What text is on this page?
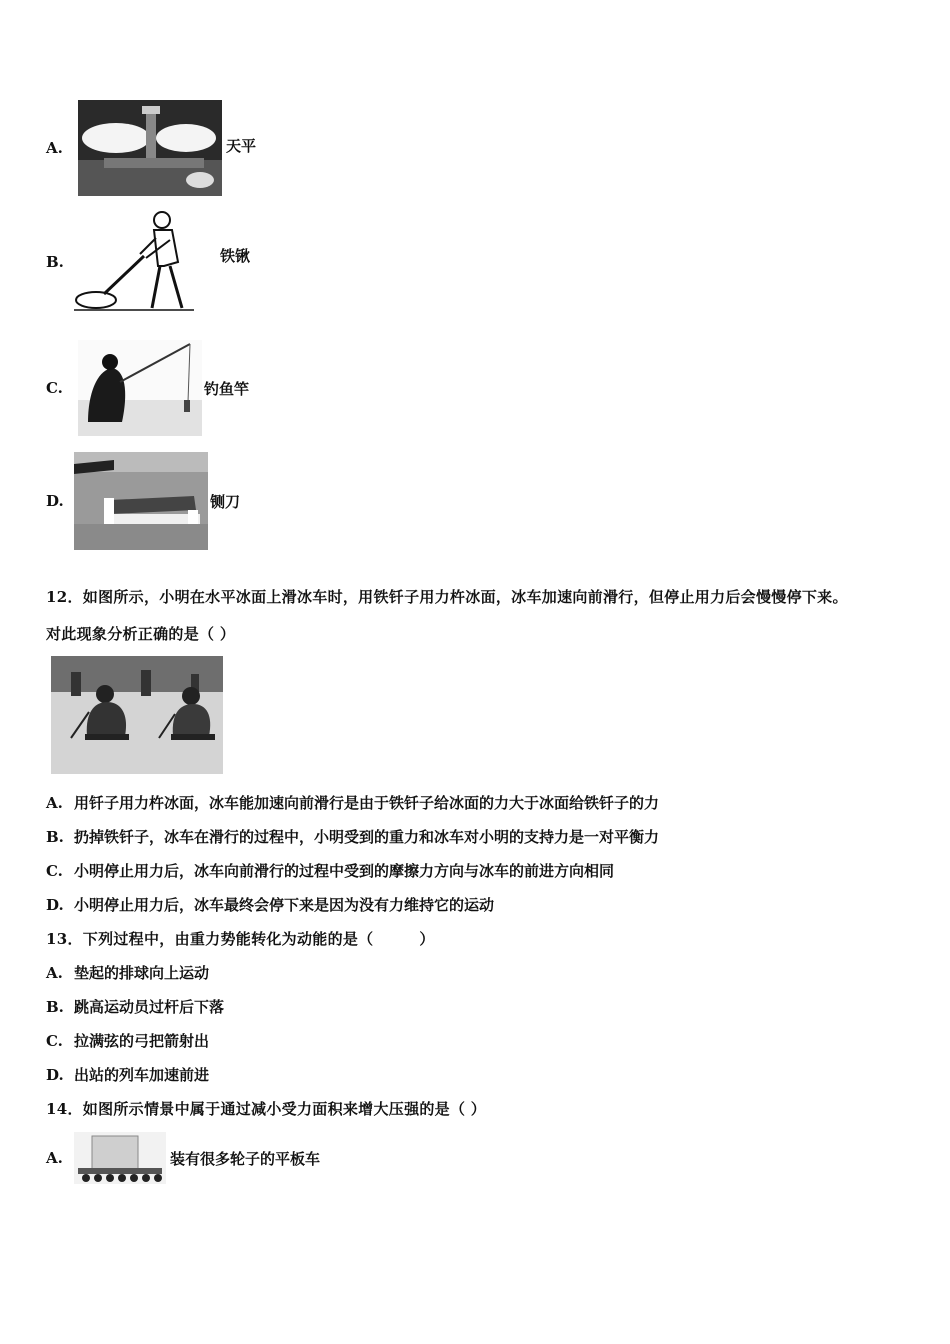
A.	天平
B.	铁锹
C.	钓鱼竿
D.	铡刀
12．如图所示，小明在水平冰面上滑冰车时，用铁钎子用力杵冰面，冰车加速向前滑行，但停止用力后会慢慢停下来。
对此现象分析正确的是（ ）
A. 用钎子用力杵冰面，冰车能加速向前滑行是由于铁钎子给冰面的力大于冰面给铁钎子的力
B. 扔掉铁钎子，冰车在滑行的过程中，小明受到的重力和冰车对小明的支持力是一对平衡力
C. 小明停止用力后，冰车向前滑行的过程中受到的摩擦力方向与冰车的前进方向相同
D. 小明停止用力后，冰车最终会停下来是因为没有力维持它的运动
13．下列过程中，由重力势能转化为动能的是（　　　）
A. 垫起的排球向上运动
B. 跳高运动员过杆后下落
C. 拉满弦的弓把箭射出
D. 出站的列车加速前进
14．如图所示情景中属于通过减小受力面积来增大压强的是（ ）
A.	装有很多轮子的平板车
